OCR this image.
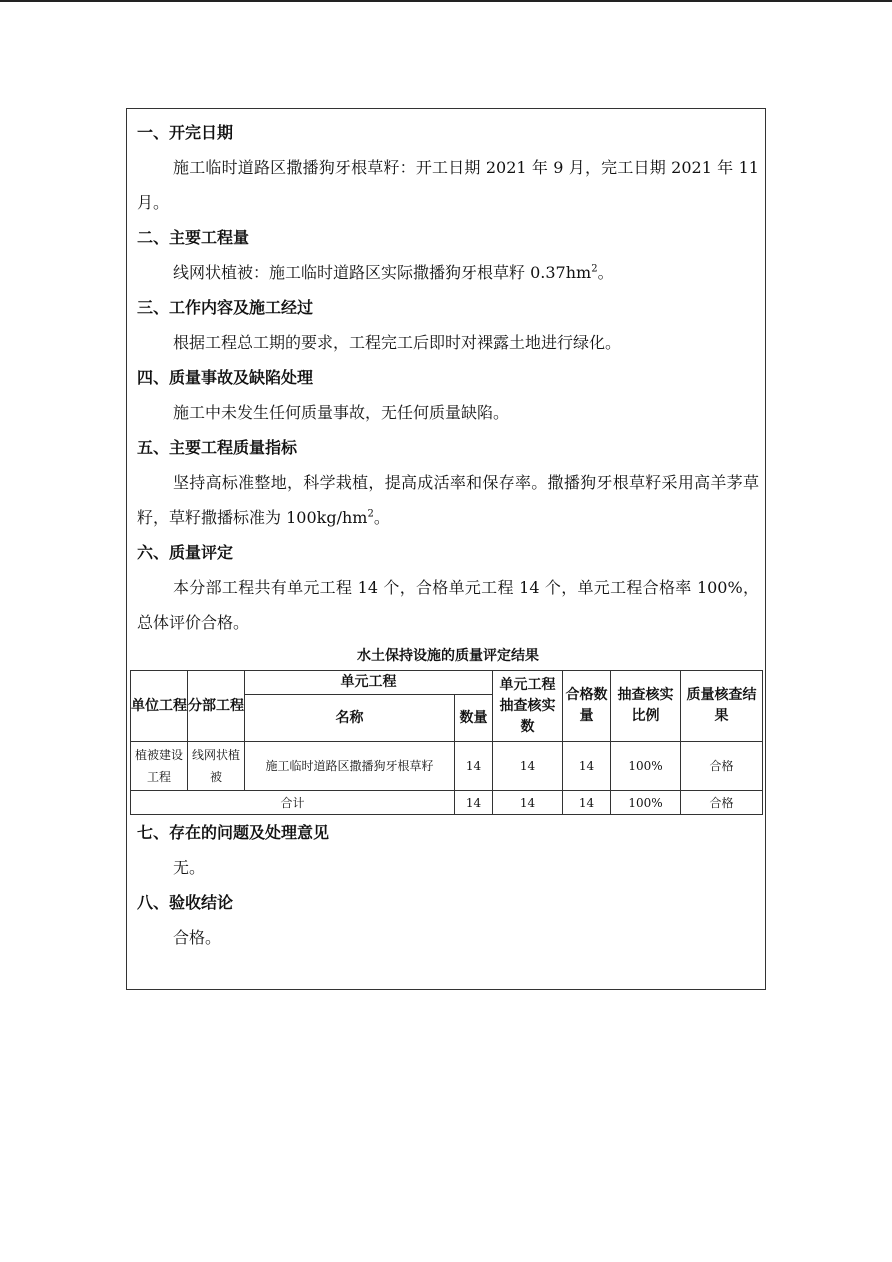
一、开完日期

施工临时道路区撒播狗牙根草籽：开工日期 2021 年 9 月，完工日期 2021 年 11 月。

二、主要工程量
线网状植被：施工临时道路区实际撒播狗牙根草籽 $0.37hm^2$。
三、工作内容及施工经过
根据工程总工期的要求，工程完工后即时对裸露土地进行绿化。
四、质量事故及缺陷处理
施工中未发生任何质量事故，无任何质量缺陷。
五、主要工程质量指标

坚持高标准整地，科学栽植，提高成活率和保存率。撒播狗牙根草籽采用高羊茅草籽，草籽撒播标准为 $100kg/hm^2$。

六、质量评定

本分部工程共有单元工程 14 个，合格单元工程 14 个，单元工程合格率 100%，总体评价合格。

水土保持设施的质量评定结果
七、存在的问题及处理意见
无。
八、验收结论
合格。
单位工程	分部工程	单元工程		单元工程抽查核实数	合格数量	抽查核实比例	质量核查结果
		名称	数量				
植被建设工程	线网状植被	施工临时道路区撒播狗牙根草籽	14	14	14	100%	合格
合计			14	14	14	100%	合格
